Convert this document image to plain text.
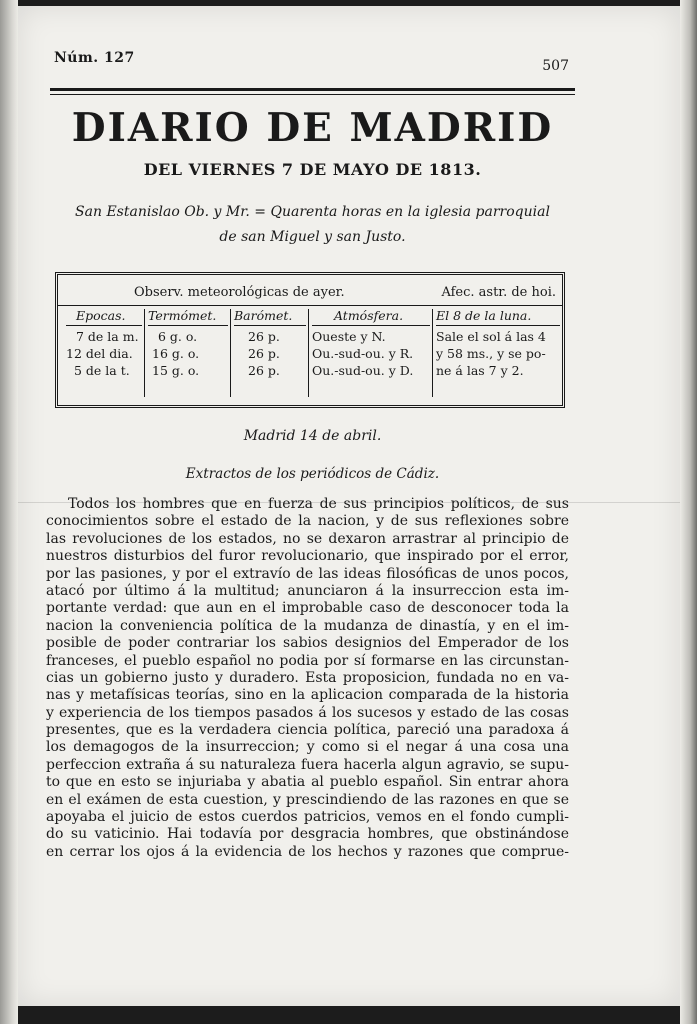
Núm. 127	507
DIARIO DE MADRID
DEL VIERNES 7 DE MAYO DE 1813.
San Estanislao Ob. y Mr. = Quarenta horas en la iglesia parroquial
de san Miguel y san Justo.
Observ. meteorológicas de ayer.	Afec. astr. de hoi.
Epocas.
7 de la m.
12 del dia.
5 de la t.
Termómet.
6 g. o.
16 g. o.
15 g. o.
Barómet.
26 p.
26 p.
26 p.
Atmósfera.
Oueste y N.
Ou.-sud-ou. y R.
Ou.-sud-ou. y D.
El 8 de la luna.
Sale el sol á las 4
y 58 ms., y se po-
ne á las 7 y 2.
Madrid 14 de abril.
Extractos de los periódicos de Cádiz.
Todos los hombres que en fuerza de sus principios políticos, de sus
conocimientos sobre el estado de la nacion, y de sus reflexiones sobre
las revoluciones de los estados, no se dexaron arrastrar al principio de
nuestros disturbios del furor revolucionario, que inspirado por el error,
por las pasiones, y por el extravío de las ideas filosóficas de unos pocos,
atacó por último á la multitud; anunciaron á la insurreccion esta im-
portante verdad: que aun en el improbable caso de desconocer toda la
nacion la conveniencia política de la mudanza de dinastía, y en el im-
posible de poder contrariar los sabios designios del Emperador de los
franceses, el pueblo español no podia por sí formarse en las circunstan-
cias un gobierno justo y duradero. Esta proposicion, fundada no en va-
nas y metafísicas teorías, sino en la aplicacion comparada de la historia
y experiencia de los tiempos pasados á los sucesos y estado de las cosas
presentes, que es la verdadera ciencia política, pareció una paradoxa á
los demagogos de la insurreccion; y como si el negar á una cosa una
perfeccion extraña á su naturaleza fuera hacerla algun agravio, se supu-
to que en esto se injuriaba y abatia al pueblo español. Sin entrar ahora
en el exámen de esta cuestion, y prescindiendo de las razones en que se
apoyaba el juicio de estos cuerdos patricios, vemos en el fondo cumpli-
do su vaticinio. Hai todavía por desgracia hombres, que obstinándose
en cerrar los ojos á la evidencia de los hechos y razones que comprue-
